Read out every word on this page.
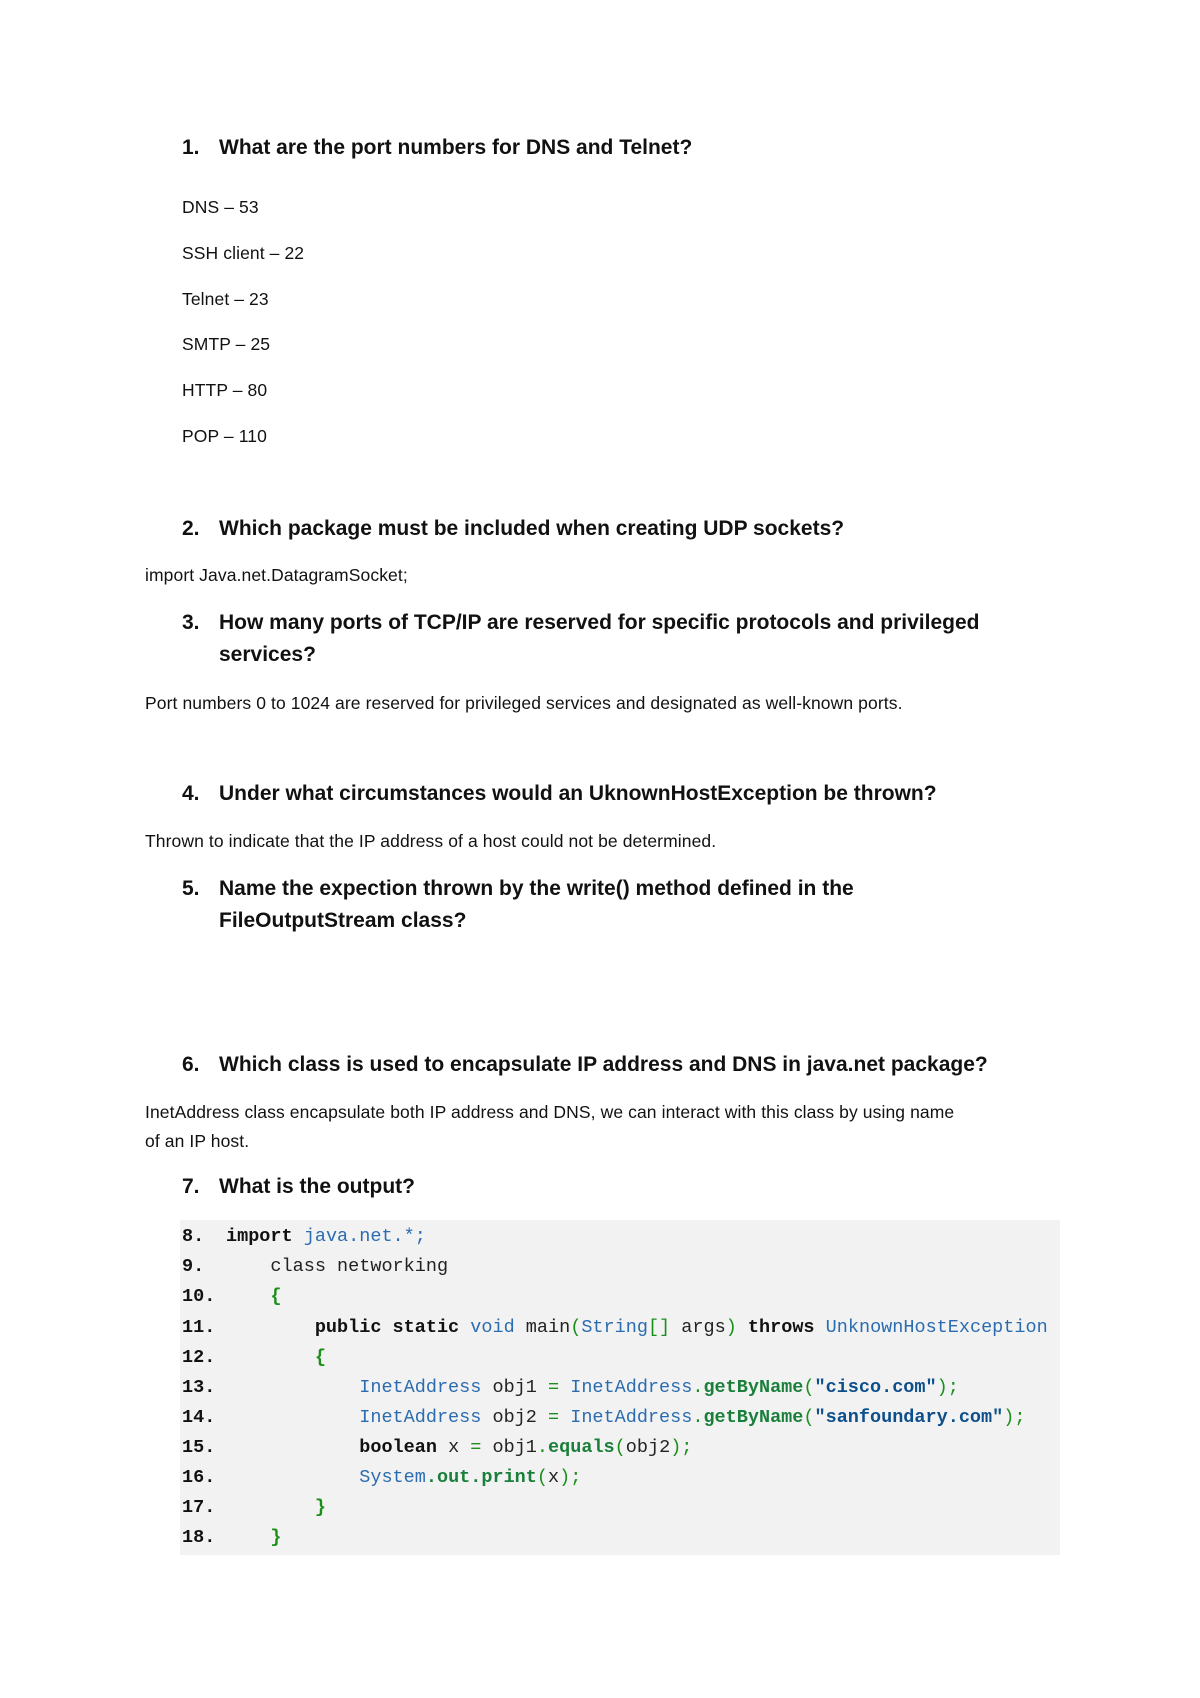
1. What are the port numbers for DNS and Telnet?
DNS – 53
SSH client – 22
Telnet – 23
SMTP – 25
HTTP – 80
POP – 110
2. Which package must be included when creating UDP sockets?
import Java.net.DatagramSocket;
3. How many ports of TCP/IP are reserved for specific protocols and privileged
services?
Port numbers 0 to 1024 are reserved for privileged services and designated as well-known ports.
4. Under what circumstances would an UknownHostException be thrown?
Thrown to indicate that the IP address of a host could not be determined.
5. Name the expection thrown by the write() method defined in the
FileOutputStream class?
6. Which class is used to encapsulate IP address and DNS in java.net package?
InetAddress class encapsulate both IP address and DNS, we can interact with this class by using name
of an IP host.
7. What is the output?
8. import java.net.*;
9.	class networking
10.	{
11.	public static void main(String[] args) throws UnknownHostException
12.	{
13.	InetAddress obj1 = InetAddress.getByName("cisco.com");
14.	InetAddress obj2 = InetAddress.getByName("sanfoundary.com");
15.	boolean x = obj1.equals(obj2);
16.	System.out.print(x);
17.	}
18.	}
